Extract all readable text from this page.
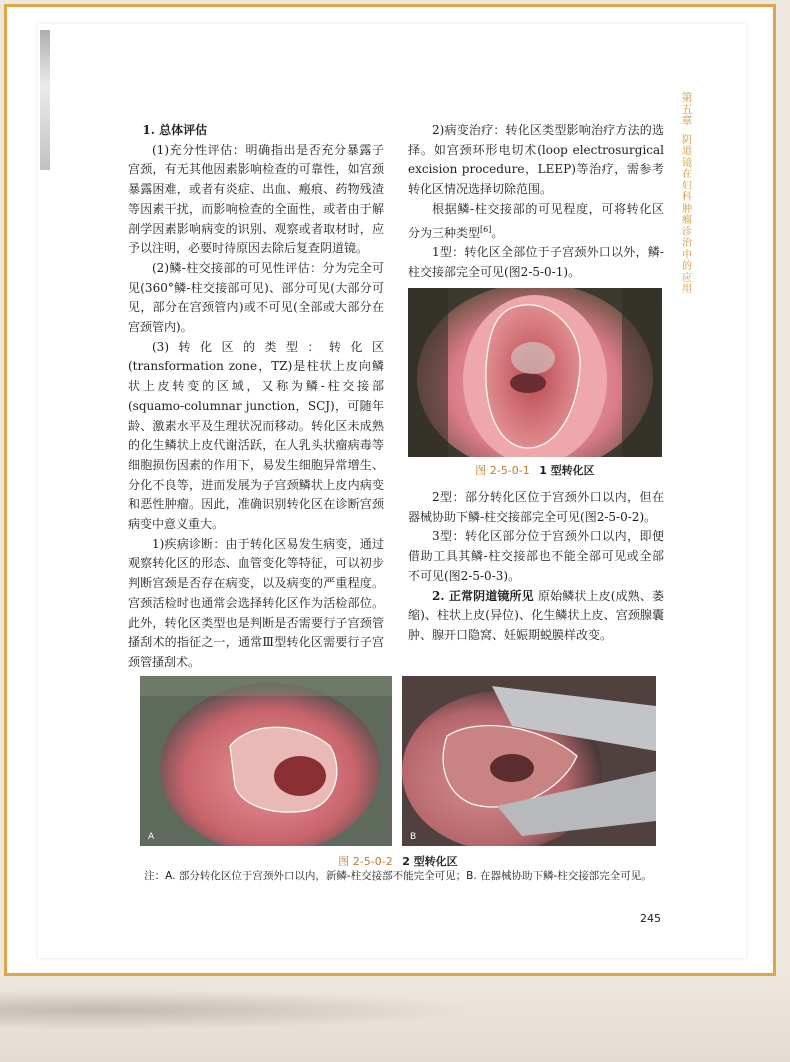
第五章
阴道镜在妇科肿瘤诊治中的应用

1. 总体评估

(1)充分性评估：明确指出是否充分暴露子宫颈，有无其他因素影响检查的可靠性，如宫颈暴露困难，或者有炎症、出血、瘢痕、药物残渣等因素干扰，而影响检查的全面性，或者由于解剖学因素影响病变的识别、观察或者取材时，应予以注明，必要时待原因去除后复查阴道镜。

(2)鳞-柱交接部的可见性评估：分为完全可见(360°鳞-柱交接部可见)、部分可见(大部分可见，部分在宫颈管内)或不可见(全部或大部分在宫颈管内)。

(3)转化区的类型：转化区(transformation zone，TZ)是柱状上皮向鳞状上皮转变的区域，又称为鳞-柱交接部(squamo-columnar junction，SCJ)，可随年龄、激素水平及生理状况而移动。转化区未成熟的化生鳞状上皮代谢活跃，在人乳头状瘤病毒等细胞损伤因素的作用下，易发生细胞异常增生、分化不良等，进而发展为子宫颈鳞状上皮内病变和恶性肿瘤。因此，准确识别转化区在诊断宫颈病变中意义重大。

1)疾病诊断：由于转化区易发生病变，通过观察转化区的形态、血管变化等特征，可以初步判断宫颈是否存在病变，以及病变的严重程度。宫颈活检时也通常会选择转化区作为活检部位。此外，转化区类型也是判断是否需要行子宫颈管搔刮术的指征之一，通常Ⅲ型转化区需要行子宫颈管搔刮术。

2)病变治疗：转化区类型影响治疗方法的选择。如宫颈环形电切术(loop electrosurgical excision procedure，LEEP)等治疗，需参考转化区情况选择切除范围。

根据鳞-柱交接部的可见程度，可将转化区分为三种类型[6]。

1型：转化区全部位于子宫颈外口以外，鳞-柱交接部完全可见(图2-5-0-1)。

图 2-5-0-1 1 型转化区

2型：部分转化区位于宫颈外口以内，但在器械协助下鳞-柱交接部完全可见(图2-5-0-2)。

3型：转化区部分位于宫颈外口以内，即便借助工具其鳞-柱交接部也不能全部可见或全部不可见(图2-5-0-3)。

2. 正常阴道镜所见 原始鳞状上皮(成熟、萎缩)、柱状上皮(异位)、化生鳞状上皮、宫颈腺囊肿、腺开口隐窝、妊娠期蜕膜样改变。

A	B
图 2-5-0-2 2 型转化区
注：A. 部分转化区位于宫颈外口以内，新鳞-柱交接部不能完全可见；B. 在器械协助下鳞-柱交接部完全可见。
245
